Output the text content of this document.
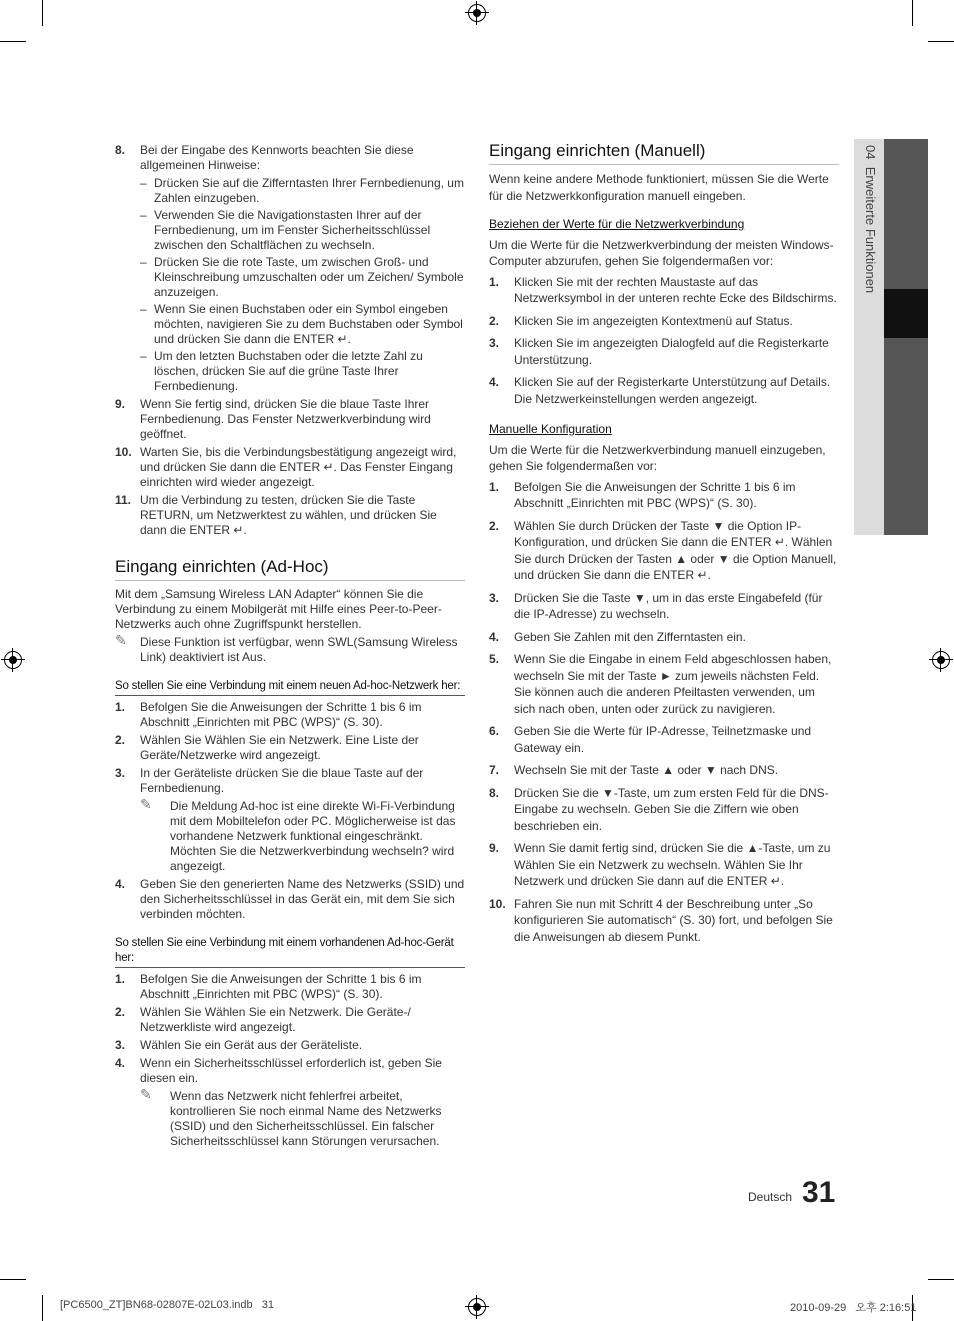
04  Erweiterte Funktionen
8. Bei der Eingabe des Kennworts beachten Sie diese allgemeinen Hinweise:
– Drücken Sie auf die Zifferntasten Ihrer Fernbedienung, um Zahlen einzugeben.
– Verwenden Sie die Navigationstasten Ihrer auf der Fernbedienung, um im Fenster Sicherheitsschlüssel zwischen den Schaltflächen zu wechseln.
– Drücken Sie die rote Taste, um zwischen Groß- und Kleinschreibung umzuschalten oder um Zeichen/ Symbole anzuzeigen.
– Wenn Sie einen Buchstaben oder ein Symbol eingeben möchten, navigieren Sie zu dem Buchstaben oder Symbol und drücken Sie dann die ENTER ↵.
– Um den letzten Buchstaben oder die letzte Zahl zu löschen, drücken Sie auf die grüne Taste Ihrer Fernbedienung.
9. Wenn Sie fertig sind, drücken Sie die blaue Taste Ihrer Fernbedienung. Das Fenster Netzwerkverbindung wird geöffnet.
10. Warten Sie, bis die Verbindungsbestätigung angezeigt wird, und drücken Sie dann die ENTER ↵. Das Fenster Eingang einrichten wird wieder angezeigt.
11. Um die Verbindung zu testen, drücken Sie die Taste RETURN, um Netzwerktest zu wählen, und drücken Sie dann die ENTER ↵.
Eingang einrichten (Ad-Hoc)

Mit dem „Samsung Wireless LAN Adapter“ können Sie die Verbindung zu einem Mobilgerät mit Hilfe eines Peer-to-Peer-Netzwerks auch ohne Zugriffspunkt herstellen.

✎ Diese Funktion ist verfügbar, wenn SWL(Samsung Wireless Link) deaktiviert ist Aus.
So stellen Sie eine Verbindung mit einem neuen Ad-hoc-Netzwerk her:
1. Befolgen Sie die Anweisungen der Schritte 1 bis 6 im Abschnitt „Einrichten mit PBC (WPS)“ (S. 30).
2. Wählen Sie Wählen Sie ein Netzwerk. Eine Liste der Geräte/Netzwerke wird angezeigt.
3. In der Geräteliste drücken Sie die blaue Taste auf der Fernbedienung.
✎ Die Meldung Ad-hoc ist eine direkte Wi-Fi-Verbindung mit dem Mobiltelefon oder PC. Möglicherweise ist das vorhandene Netzwerk funktional eingeschränkt. Möchten Sie die Netzwerkverbindung wechseln? wird angezeigt.
4. Geben Sie den generierten Name des Netzwerks (SSID) und den Sicherheitsschlüssel in das Gerät ein, mit dem Sie sich verbinden möchten.
So stellen Sie eine Verbindung mit einem vorhandenen Ad-hoc-Gerät her:
1. Befolgen Sie die Anweisungen der Schritte 1 bis 6 im Abschnitt „Einrichten mit PBC (WPS)“ (S. 30).
2. Wählen Sie Wählen Sie ein Netzwerk. Die Geräte-/ Netzwerkliste wird angezeigt.
3. Wählen Sie ein Gerät aus der Geräteliste.
4. Wenn ein Sicherheitsschlüssel erforderlich ist, geben Sie diesen ein.
✎ Wenn das Netzwerk nicht fehlerfrei arbeitet, kontrollieren Sie noch einmal Name des Netzwerks (SSID) und den Sicherheitsschlüssel. Ein falscher Sicherheitsschlüssel kann Störungen verursachen.
Eingang einrichten (Manuell)

Wenn keine andere Methode funktioniert, müssen Sie die Werte für die Netzwerkkonfiguration manuell eingeben.

Beziehen der Werte für die Netzwerkverbindung

Um die Werte für die Netzwerkverbindung der meisten Windows-Computer abzurufen, gehen Sie folgendermaßen vor:

1. Klicken Sie mit der rechten Maustaste auf das Netzwerksymbol in der unteren rechte Ecke des Bildschirms.
2. Klicken Sie im angezeigten Kontextmenü auf Status.
3. Klicken Sie im angezeigten Dialogfeld auf die Registerkarte Unterstützung.
4. Klicken Sie auf der Registerkarte Unterstützung auf Details. Die Netzwerkeinstellungen werden angezeigt.
Manuelle Konfiguration

Um die Werte für die Netzwerkverbindung manuell einzugeben, gehen Sie folgendermaßen vor:

1. Befolgen Sie die Anweisungen der Schritte 1 bis 6 im Abschnitt „Einrichten mit PBC (WPS)“ (S. 30).
2. Wählen Sie durch Drücken der Taste ▼ die Option IP-Konfiguration, und drücken Sie dann die ENTER ↵. Wählen Sie durch Drücken der Tasten ▲ oder ▼ die Option Manuell, und drücken Sie dann die ENTER ↵.
3. Drücken Sie die Taste ▼, um in das erste Eingabefeld (für die IP-Adresse) zu wechseln.
4. Geben Sie Zahlen mit den Zifferntasten ein.
5. Wenn Sie die Eingabe in einem Feld abgeschlossen haben, wechseln Sie mit der Taste ► zum jeweils nächsten Feld. Sie können auch die anderen Pfeiltasten verwenden, um sich nach oben, unten oder zurück zu navigieren.
6. Geben Sie die Werte für IP-Adresse, Teilnetzmaske und Gateway ein.
7. Wechseln Sie mit der Taste ▲ oder ▼ nach DNS.
8. Drücken Sie die ▼-Taste, um zum ersten Feld für die DNS-Eingabe zu wechseln. Geben Sie die Ziffern wie oben beschrieben ein.
9. Wenn Sie damit fertig sind, drücken Sie die ▲-Taste, um zu Wählen Sie ein Netzwerk zu wechseln. Wählen Sie Ihr Netzwerk und drücken Sie dann auf die ENTER ↵.
10. Fahren Sie nun mit Schritt 4 der Beschreibung unter „So konfigurieren Sie automatisch“ (S. 30) fort, und befolgen Sie die Anweisungen ab diesem Punkt.
Deutsch 31
[PC6500_ZT]BN68-02807E-02L03.indb   31	2010-09-29   오후 2:16:51
